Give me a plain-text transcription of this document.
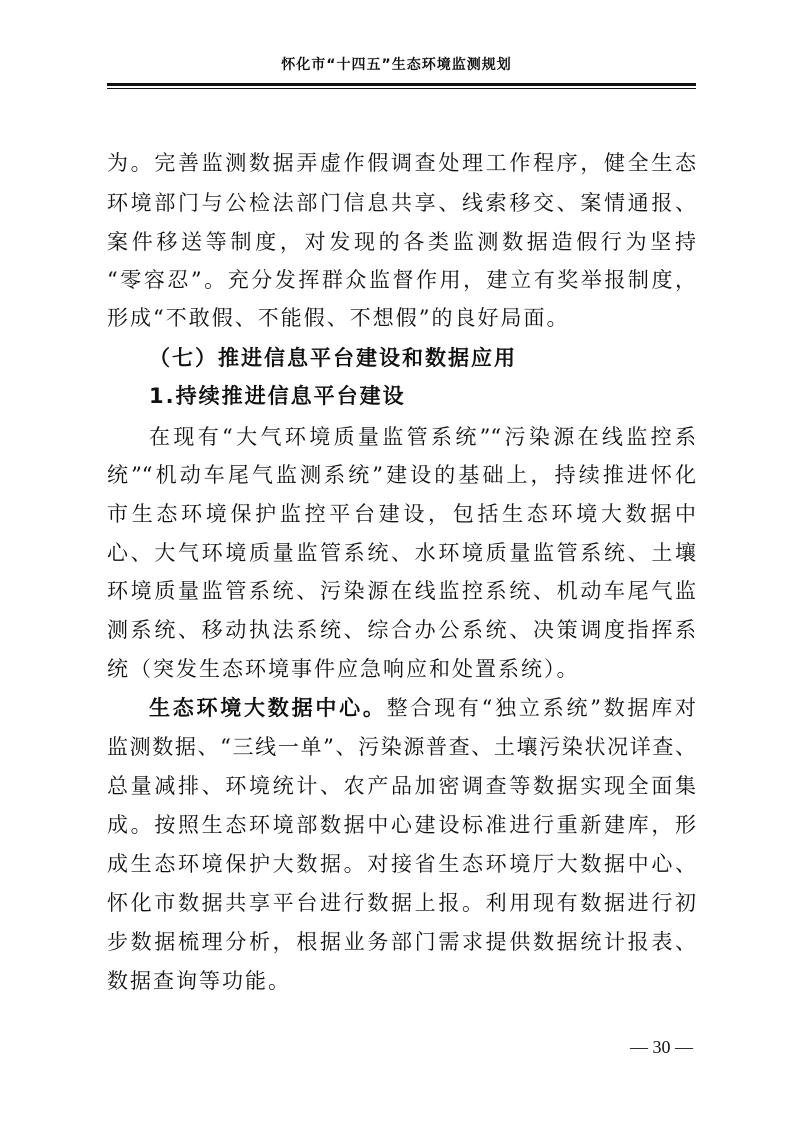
怀化市“十四五”生态环境监测规划
为。完善监测数据弄虚作假调查处理工作程序，健全生态
环境部门与公检法部门信息共享、线索移交、案情通报、
案件移送等制度，对发现的各类监测数据造假行为坚持
“零容忍”。充分发挥群众监督作用，建立有奖举报制度，
形成“不敢假、不能假、不想假”的良好局面。
（七）推进信息平台建设和数据应用
1.持续推进信息平台建设
在现有“大气环境质量监管系统”“污染源在线监控系
统”“机动车尾气监测系统”建设的基础上，持续推进怀化
市生态环境保护监控平台建设，包括生态环境大数据中
心、大气环境质量监管系统、水环境质量监管系统、土壤
环境质量监管系统、污染源在线监控系统、机动车尾气监
测系统、移动执法系统、综合办公系统、决策调度指挥系
统（突发生态环境事件应急响应和处置系统）。
生态环境大数据中心。整合现有“独立系统”数据库对
监测数据、“三线一单”、污染源普查、土壤污染状况详查、
总量减排、环境统计、农产品加密调查等数据实现全面集
成。按照生态环境部数据中心建设标准进行重新建库，形
成生态环境保护大数据。对接省生态环境厅大数据中心、
怀化市数据共享平台进行数据上报。利用现有数据进行初
步数据梳理分析，根据业务部门需求提供数据统计报表、
数据查询等功能。
— 30 —
